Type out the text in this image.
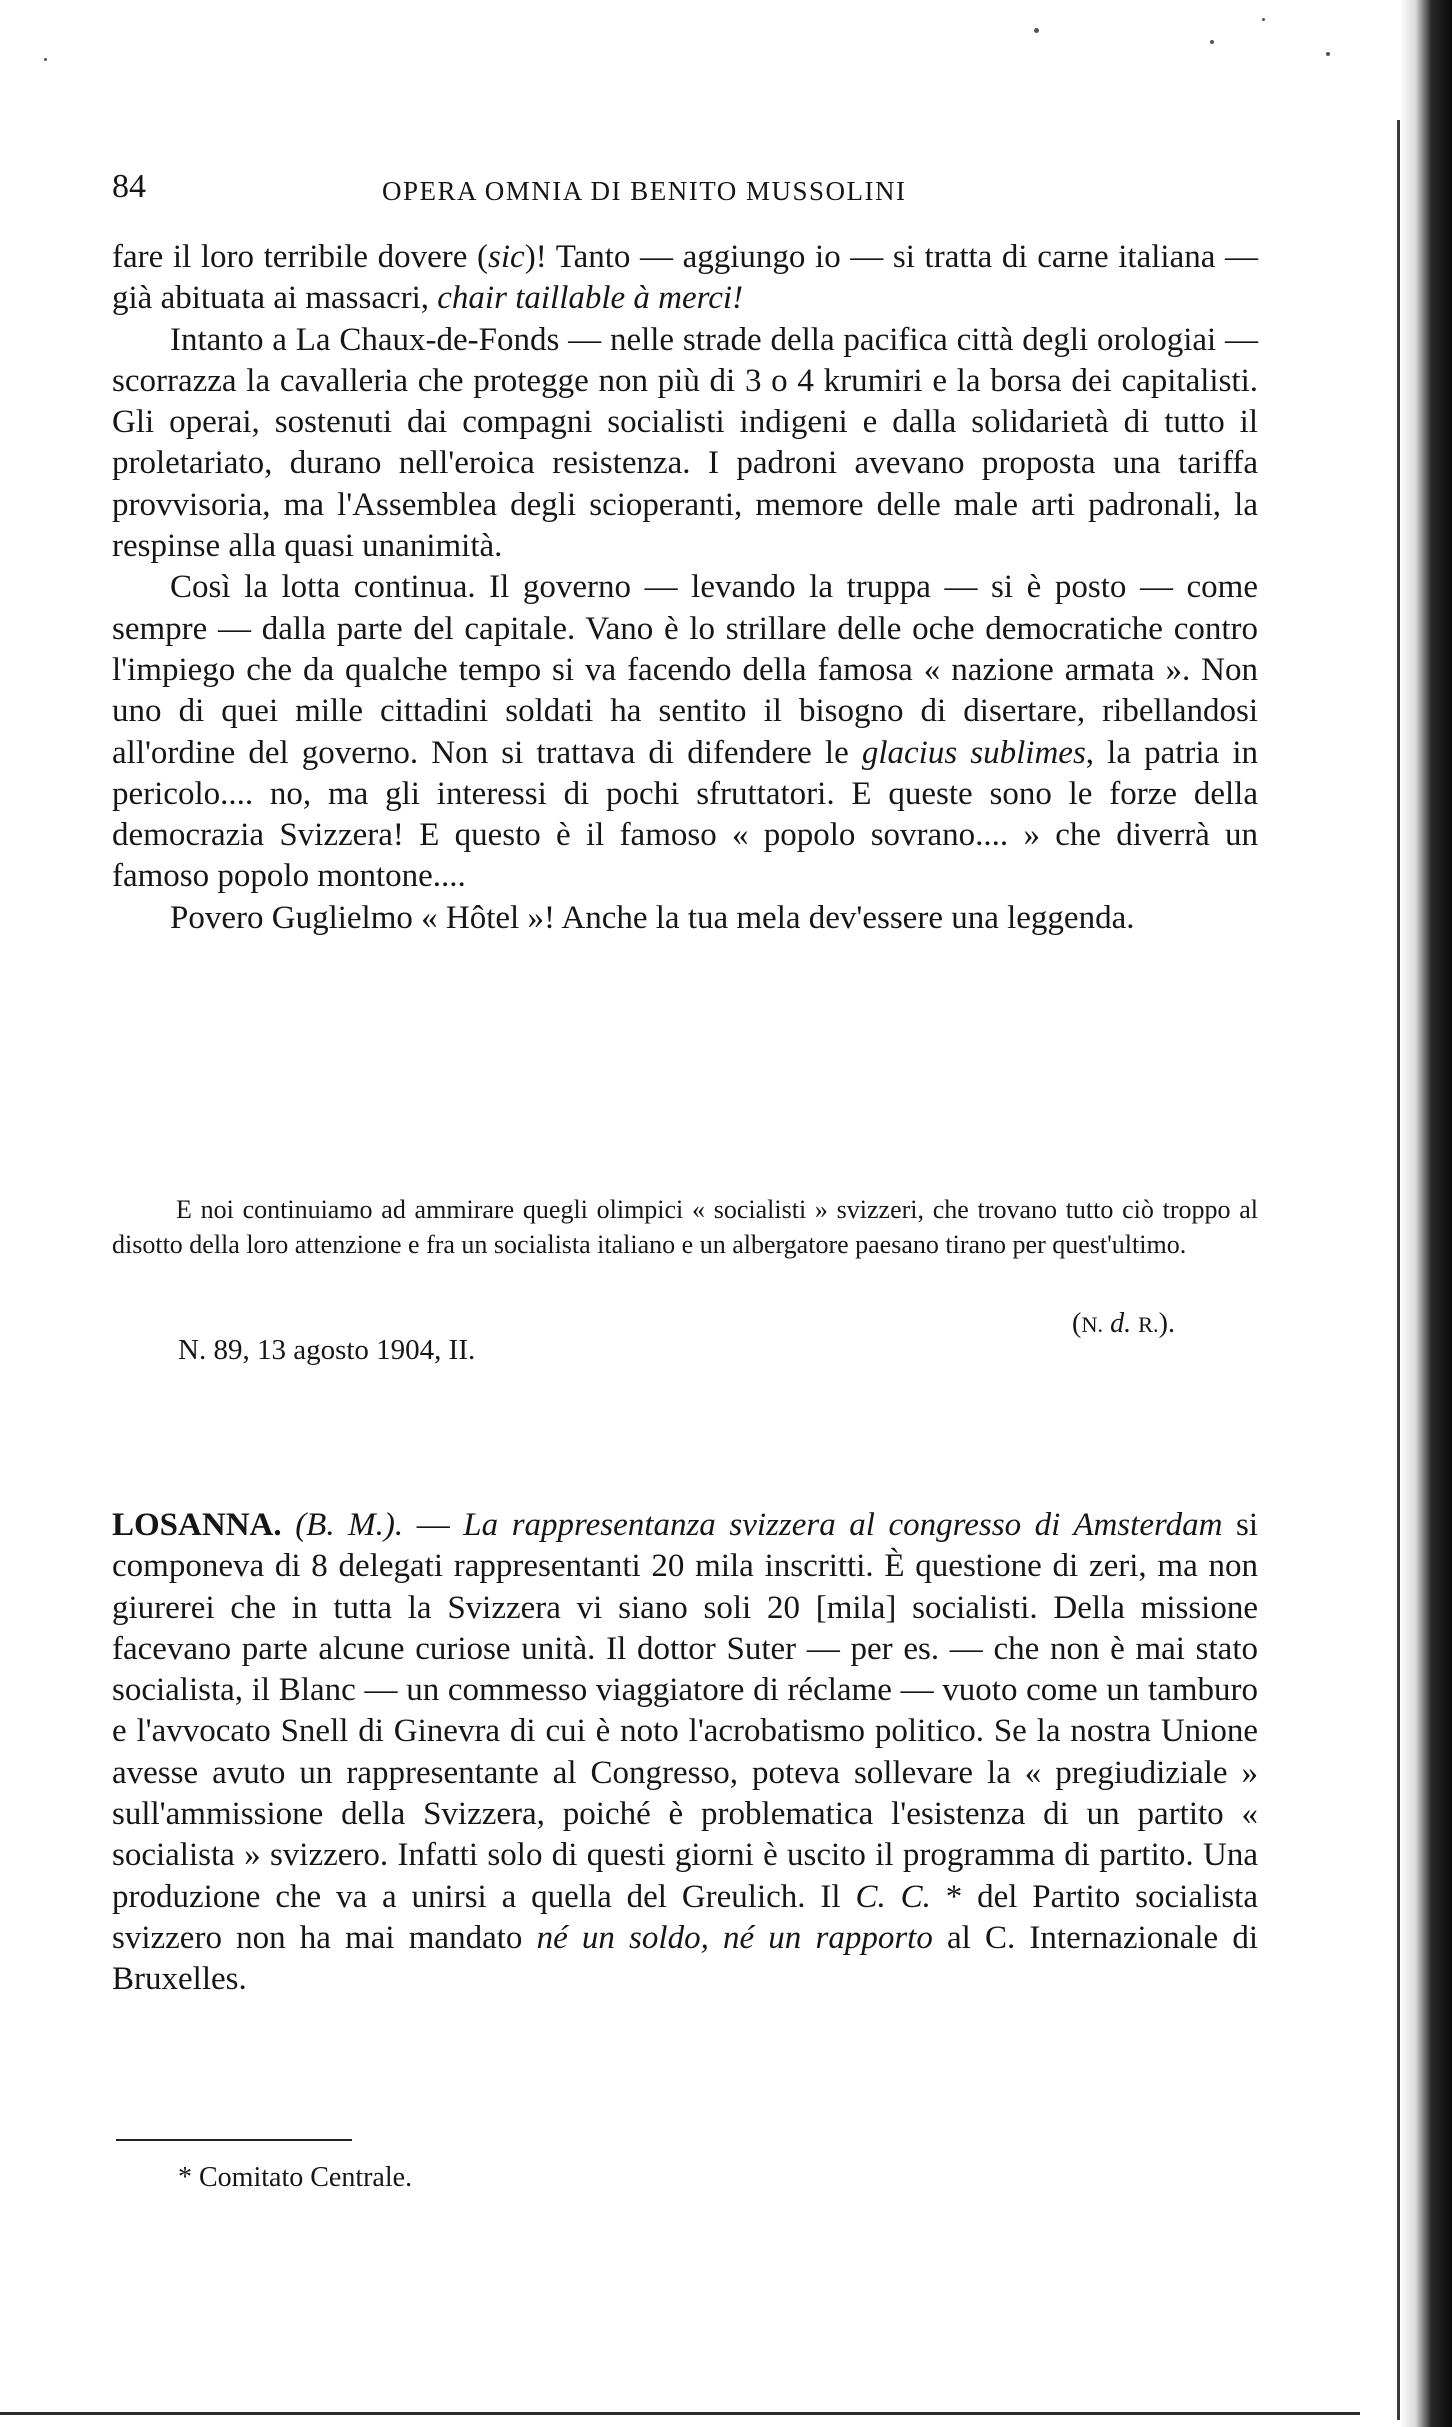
84	OPERA OMNIA DI BENITO MUSSOLINI

fare il loro terribile dovere (sic)! Tanto — aggiungo io — si tratta di carne italiana — già abituata ai massacri, chair taillable à merci!

Intanto a La Chaux-de-Fonds — nelle strade della pacifica città degli orologiai — scorrazza la cavalleria che protegge non più di 3 o 4 krumiri e la borsa dei capitalisti. Gli operai, sostenuti dai compagni socialisti indigeni e dalla solidarietà di tutto il proletariato, durano nell'eroica resistenza. I padroni avevano proposta una tariffa provvisoria, ma l'Assemblea degli scioperanti, memore delle male arti padronali, la respinse alla quasi unanimità.

Così la lotta continua. Il governo — levando la truppa — si è posto — come sempre — dalla parte del capitale. Vano è lo strillare delle oche democratiche contro l'impiego che da qualche tempo si va facendo della famosa « nazione armata ». Non uno di quei mille cittadini soldati ha sentito il bisogno di disertare, ribellandosi all'ordine del governo. Non si trattava di difendere le glacius sublimes, la patria in pericolo.... no, ma gli interessi di pochi sfruttatori. E queste sono le forze della democrazia Svizzera! E questo è il famoso « popolo sovrano.... » che diverrà un famoso popolo montone....

Povero Guglielmo « Hôtel »! Anche la tua mela dev'essere una leggenda.

E noi continuiamo ad ammirare quegli olimpici « socialisti » svizzeri, che trovano tutto ciò troppo al disotto della loro attenzione e fra un socialista italiano e un albergatore paesano tirano per quest'ultimo.

(N. d. R.).
N. 89, 13 agosto 1904, II.

LOSANNA. (B. M.). — La rappresentanza svizzera al congresso di Amsterdam si componeva di 8 delegati rappresentanti 20 mila inscritti. È questione di zeri, ma non giurerei che in tutta la Svizzera vi siano soli 20 [mila] socialisti. Della missione facevano parte alcune curiose unità. Il dottor Suter — per es. — che non è mai stato socialista, il Blanc — un commesso viaggiatore di réclame — vuoto come un tamburo e l'avvocato Snell di Ginevra di cui è noto l'acrobatismo politico. Se la nostra Unione avesse avuto un rappresentante al Congresso, poteva sollevare la « pregiudiziale » sull'ammissione della Svizzera, poiché è problematica l'esistenza di un partito « socialista » svizzero. Infatti solo di questi giorni è uscito il programma di partito. Una produzione che va a unirsi a quella del Greulich. Il C. C. * del Partito socialista svizzero non ha mai mandato né un soldo, né un rapporto al C. Internazionale di Bruxelles.

* Comitato Centrale.
